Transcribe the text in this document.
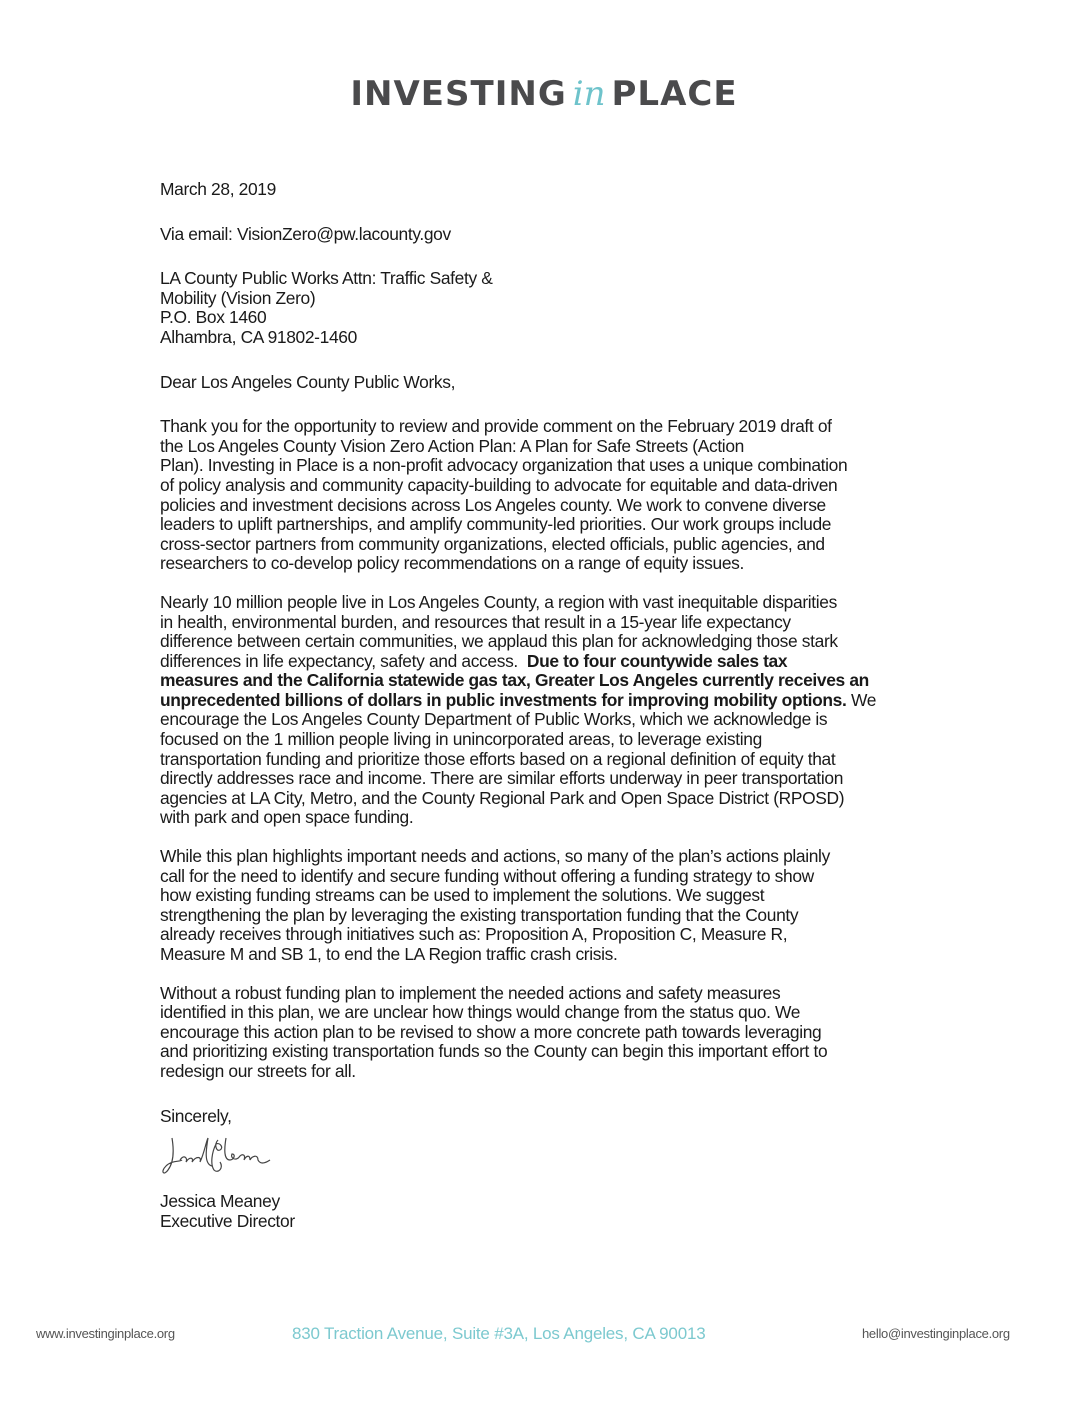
INVESTING in PLACE

March 28, 2019

Via email: VisionZero@pw.lacounty.gov

LA County Public Works Attn: Traffic Safety &
Mobility (Vision Zero)
P.O. Box 1460
Alhambra, CA 91802-1460

Dear Los Angeles County Public Works,

Thank you for the opportunity to review and provide comment on the February 2019 draft of
the Los Angeles County Vision Zero Action Plan: A Plan for Safe Streets (Action
Plan). Investing in Place is a non-profit advocacy organization that uses a unique combination
of policy analysis and community capacity-building to advocate for equitable and data-driven
policies and investment decisions across Los Angeles county. We work to convene diverse
leaders to uplift partnerships, and amplify community-led priorities. Our work groups include
cross-sector partners from community organizations, elected officials, public agencies, and
researchers to co-develop policy recommendations on a range of equity issues.
Nearly 10 million people live in Los Angeles County, a region with vast inequitable disparities
in health, environmental burden, and resources that result in a 15-year life expectancy
difference between certain communities, we applaud this plan for acknowledging those stark
differences in life expectancy, safety and access.  Due to four countywide sales tax
measures and the California statewide gas tax, Greater Los Angeles currently receives an
unprecedented billions of dollars in public investments for improving mobility options. We
encourage the Los Angeles County Department of Public Works, which we acknowledge is
focused on the 1 million people living in unincorporated areas, to leverage existing
transportation funding and prioritize those efforts based on a regional definition of equity that
directly addresses race and income. There are similar efforts underway in peer transportation
agencies at LA City, Metro, and the County Regional Park and Open Space District (RPOSD)
with park and open space funding.
While this plan highlights important needs and actions, so many of the plan’s actions plainly
call for the need to identify and secure funding without offering a funding strategy to show
how existing funding streams can be used to implement the solutions. We suggest
strengthening the plan by leveraging the existing transportation funding that the County
already receives through initiatives such as: Proposition A, Proposition C, Measure R,
Measure M and SB 1, to end the LA Region traffic crash crisis.
Without a robust funding plan to implement the needed actions and safety measures
identified in this plan, we are unclear how things would change from the status quo. We
encourage this action plan to be revised to show a more concrete path towards leveraging
and prioritizing existing transportation funds so the County can begin this important effort to
redesign our streets for all.

Sincerely,

Jessica Meaney

Executive Director

www.investinginplace.org	830 Traction Avenue, Suite #3A, Los Angeles, CA 90013	hello@investinginplace.org
